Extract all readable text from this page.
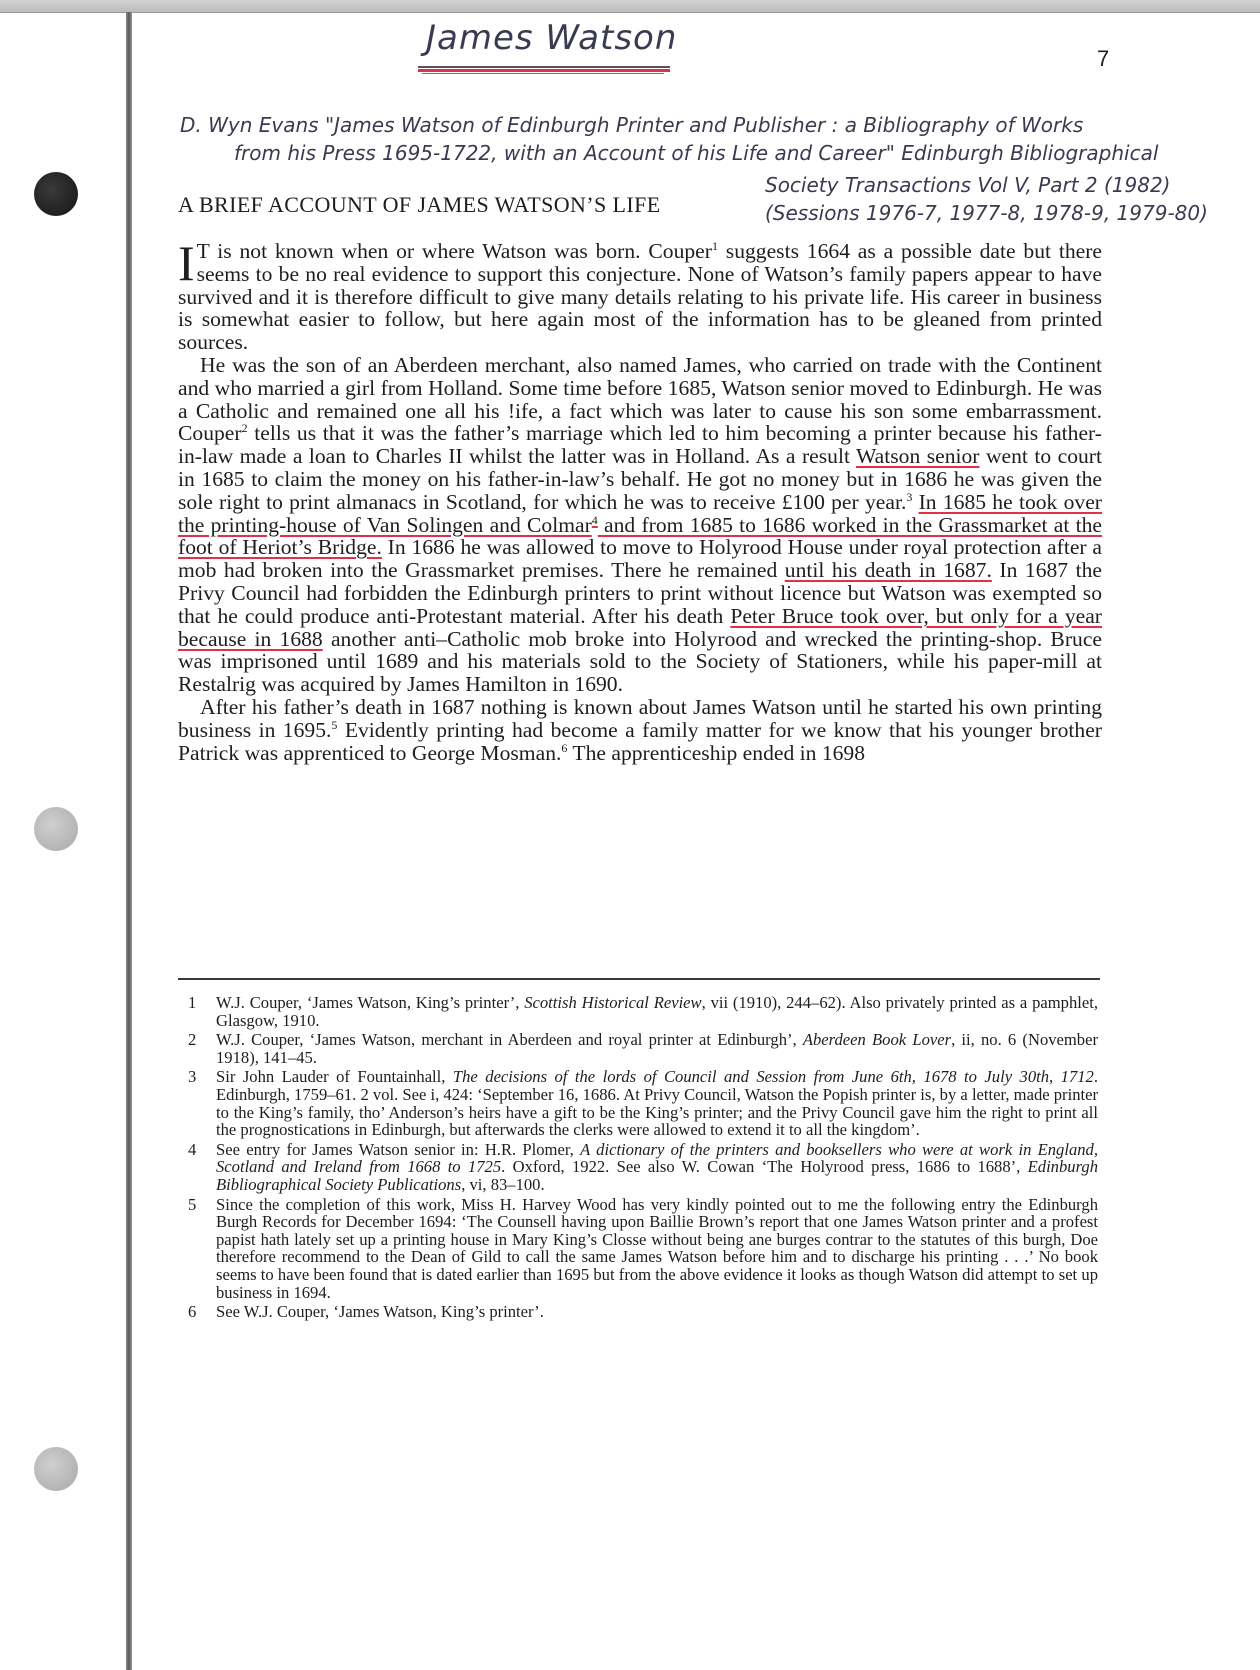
James Watson
7
D. Wyn Evans "James Watson of Edinburgh Printer and Publisher : a Bibliography of Works
from his Press 1695-1722, with an Account of his Life and Career" Edinburgh Bibliographical
Society Transactions Vol V, Part 2 (1982)
(Sessions 1976-7, 1977-8, 1978-9, 1979-80)
A BRIEF ACCOUNT OF JAMES WATSON’S LIFE

I T is not known when or where Watson was born. Couper$^1$ suggests 1664 as a possible date but there seems to be no real evidence to support this conjecture. None of Watson’s family papers appear to have survived and it is therefore difficult to give many details relating to his private life. His career in business is somewhat easier to follow, but here again most of the information has to be gleaned from printed sources.

He was the son of an Aberdeen merchant, also named James, who carried on trade with the Continent and who married a girl from Holland. Some time before 1685, Watson senior moved to Edinburgh. He was a Catholic and remained one all his !ife, a fact which was later to cause his son some embarrassment. Couper$^2$ tells us that it was the father’s marriage which led to him becoming a printer because his father-in-law made a loan to Charles II whilst the latter was in Holland. As a result Watson senior went to court in 1685 to claim the money on his father-in-law’s behalf. He got no money but in 1686 he was given the sole right to print almanacs in Scotland, for which he was to receive £100 per year.$^3$ In 1685 he took over the printing-house of Van Solingen and Colmar$^4$ and from 1685 to 1686 worked in the Grassmarket at the foot of Heriot’s Bridge. In 1686 he was allowed to move to Holyrood House under royal protection after a mob had broken into the Grassmarket premises. There he remained until his death in 1687. In 1687 the Privy Council had forbidden the Edinburgh printers to print without licence but Watson was exempted so that he could produce anti-Protestant material. After his death Peter Bruce took over, but only for a year because in 1688 another anti–Catholic mob broke into Holyrood and wrecked the printing-shop. Bruce was imprisoned until 1689 and his materials sold to the Society of Stationers, while his paper-mill at Restalrig was acquired by James Hamilton in 1690.

After his father’s death in 1687 nothing is known about James Watson until he started his own printing business in 1695.$^5$ Evidently printing had become a family matter for we know that his younger brother Patrick was apprenticed to George Mosman.$^6$ The apprenticeship ended in 1698

1	W.J. Couper, ‘James Watson, King’s printer’, Scottish Historical Review, vii (1910), 244–62). Also privately printed as a pamphlet, Glasgow, 1910.
2	W.J. Couper, ‘James Watson, merchant in Aberdeen and royal printer at Edinburgh’, Aberdeen Book Lover, ii, no. 6 (November 1918), 141–45.
3	Sir John Lauder of Fountainhall, The decisions of the lords of Council and Session from June 6th, 1678 to July 30th, 1712. Edinburgh, 1759–61. 2 vol. See i, 424: ‘September 16, 1686. At Privy Council, Watson the Popish printer is, by a letter, made printer to the King’s family, tho’ Anderson’s heirs have a gift to be the King’s printer; and the Privy Council gave him the right to print all the prognostications in Edinburgh, but afterwards the clerks were allowed to extend it to all the kingdom’.
4	See entry for James Watson senior in: H.R. Plomer, A dictionary of the printers and booksellers who were at work in England, Scotland and Ireland from 1668 to 1725. Oxford, 1922. See also W. Cowan ‘The Holyrood press, 1686 to 1688’, Edinburgh Bibliographical Society Publications, vi, 83–100.
5	Since the completion of this work, Miss H. Harvey Wood has very kindly pointed out to me the following entry the Edinburgh Burgh Records for December 1694: ‘The Counsell having upon Baillie Brown’s report that one James Watson printer and a profest papist hath lately set up a printing house in Mary King’s Closse without being ane burges contrar to the statutes of this burgh, Doe therefore recommend to the Dean of Gild to call the same James Watson before him and to discharge his printing . . .’ No book seems to have been found that is dated earlier than 1695 but from the above evidence it looks as though Watson did attempt to set up business in 1694.
6	See W.J. Couper, ‘James Watson, King’s printer’.
